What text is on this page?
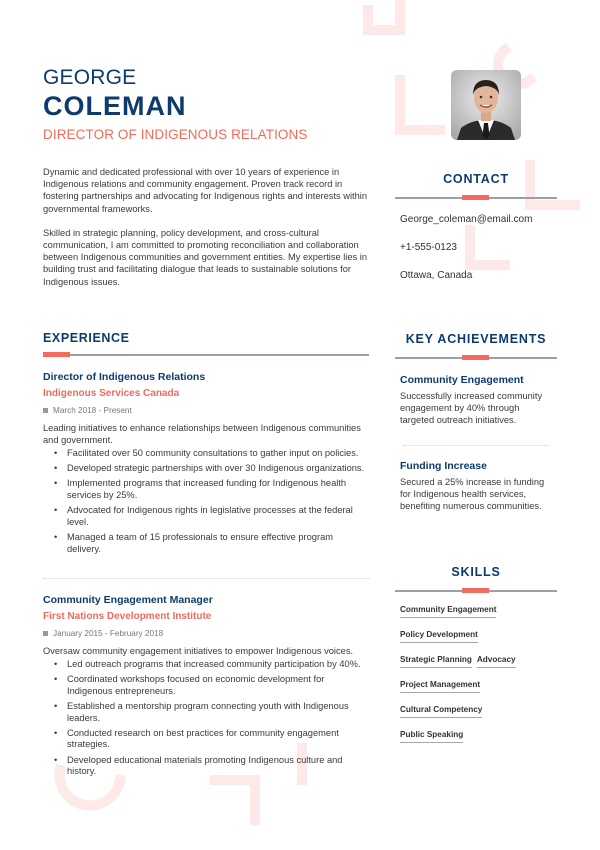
GEORGE
COLEMAN
DIRECTOR OF INDIGENOUS RELATIONS

Dynamic and dedicated professional with over 10 years of experience in Indigenous relations and community engagement. Proven track record in fostering partnerships and advocating for Indigenous rights and interests within governmental frameworks.

Skilled in strategic planning, policy development, and cross-cultural communication, I am committed to promoting reconciliation and collaboration between Indigenous communities and government entities. My expertise lies in building trust and facilitating dialogue that leads to sustainable solutions for Indigenous issues.

EXPERIENCE
Director of Indigenous Relations
Indigenous Services Canada
March 2018 - Present
Leading initiatives to enhance relationships between Indigenous communities and government.
• Facilitated over 50 community consultations to gather input on policies.
• Developed strategic partnerships with over 30 Indigenous organizations.
• Implemented programs that increased funding for Indigenous health services by 25%.
• Advocated for Indigenous rights in legislative processes at the federal level.
• Managed a team of 15 professionals to ensure effective program delivery.
Community Engagement Manager
First Nations Development Institute
January 2015 - February 2018
Oversaw community engagement initiatives to empower Indigenous voices.
• Led outreach programs that increased community participation by 40%.
• Coordinated workshops focused on economic development for Indigenous entrepreneurs.
• Established a mentorship program connecting youth with Indigenous leaders.
• Conducted research on best practices for community engagement strategies.
• Developed educational materials promoting Indigenous culture and history.
CONTACT
George_coleman@email.com
+1-555-0123
Ottawa, Canada
KEY ACHIEVEMENTS
Community Engagement
Successfully increased community engagement by 40% through targeted outreach initiatives.
Funding Increase
Secured a 25% increase in funding for Indigenous health services, benefiting numerous communities.
SKILLS
Community Engagement
Policy Development
Strategic Planning Advocacy
Project Management
Cultural Competency
Public Speaking
